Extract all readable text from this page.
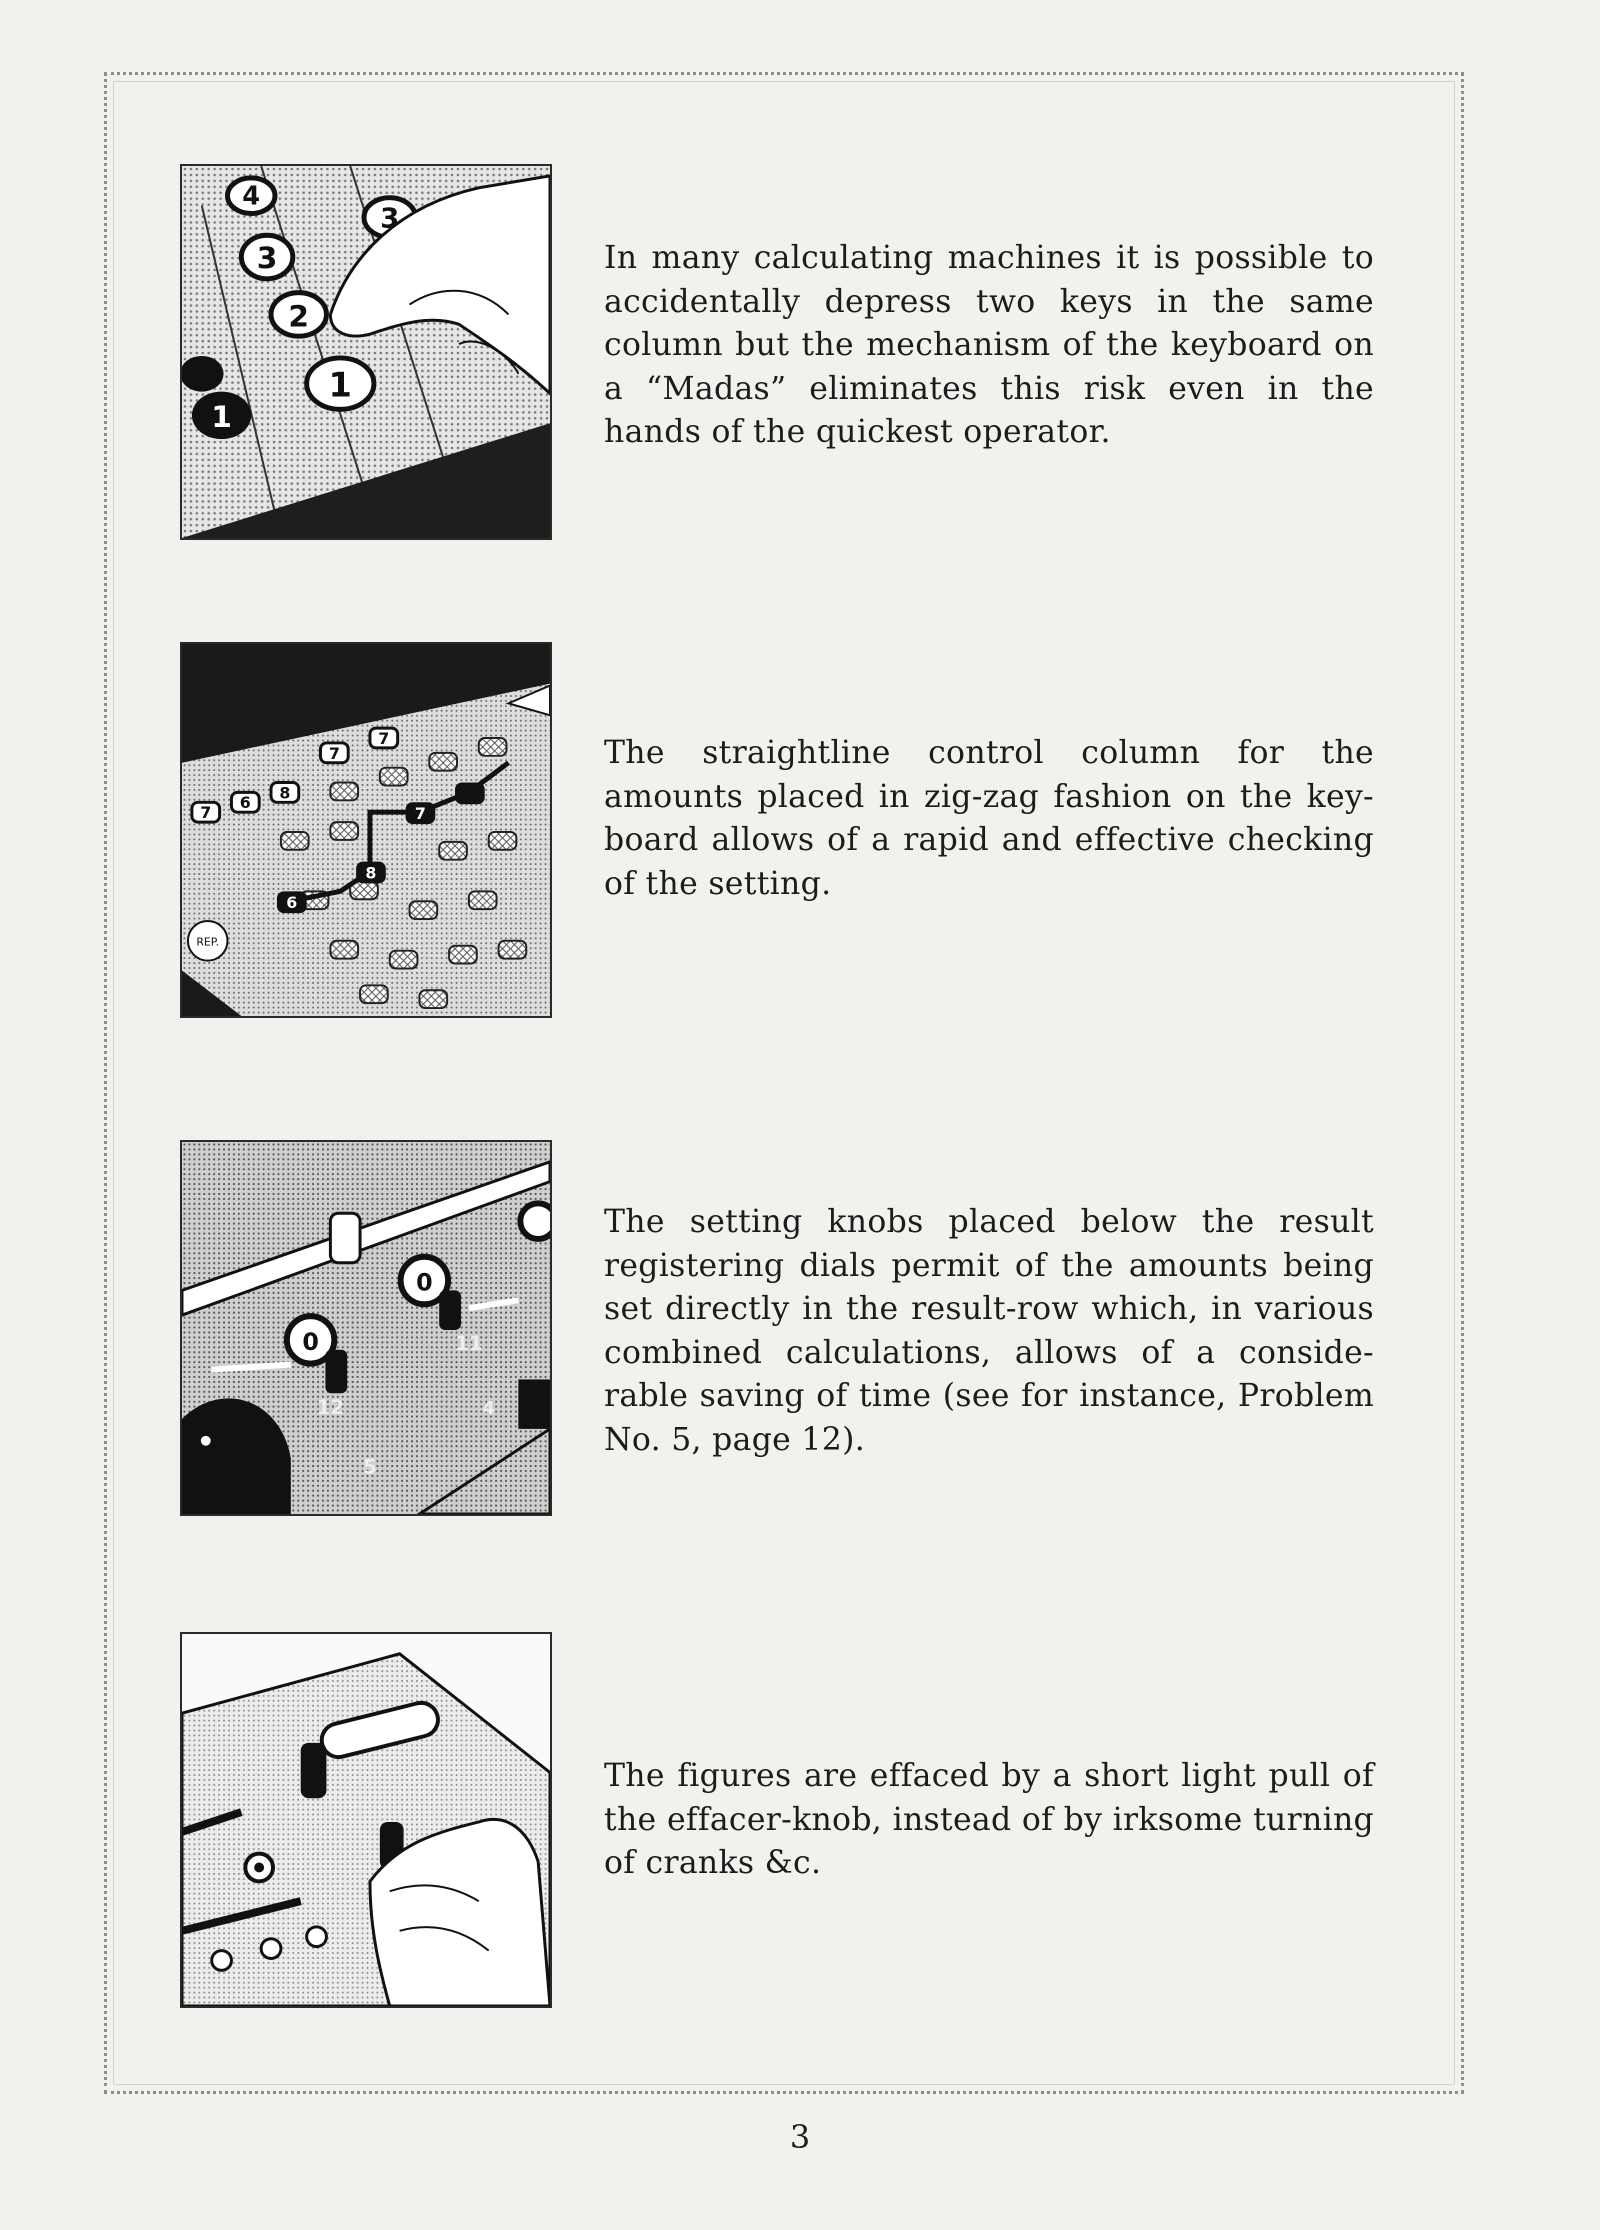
4
3
2
1
3
1

In many calculating machines it is possible to accidentally depress two keys in the same column but the mechanism of the keyboard on a “Madas” eliminates this risk even in the hands of the quickest operator.

7
6
8
7
7
8
6
7
REP.

The straightline control column for the amounts placed in zig-zag fashion on the key-board allows of a rapid and effective checking of the setting.

0
0	11
12
5
4

The setting knobs placed below the result registering dials permit of the amounts being set directly in the result-row which, in various combined calculations, allows of a conside-rable saving of time (see for instance, Problem No. 5, page 12).

The figures are effaced by a short light pull of the effacer-knob, instead of by irksome turning of cranks &c.

3
